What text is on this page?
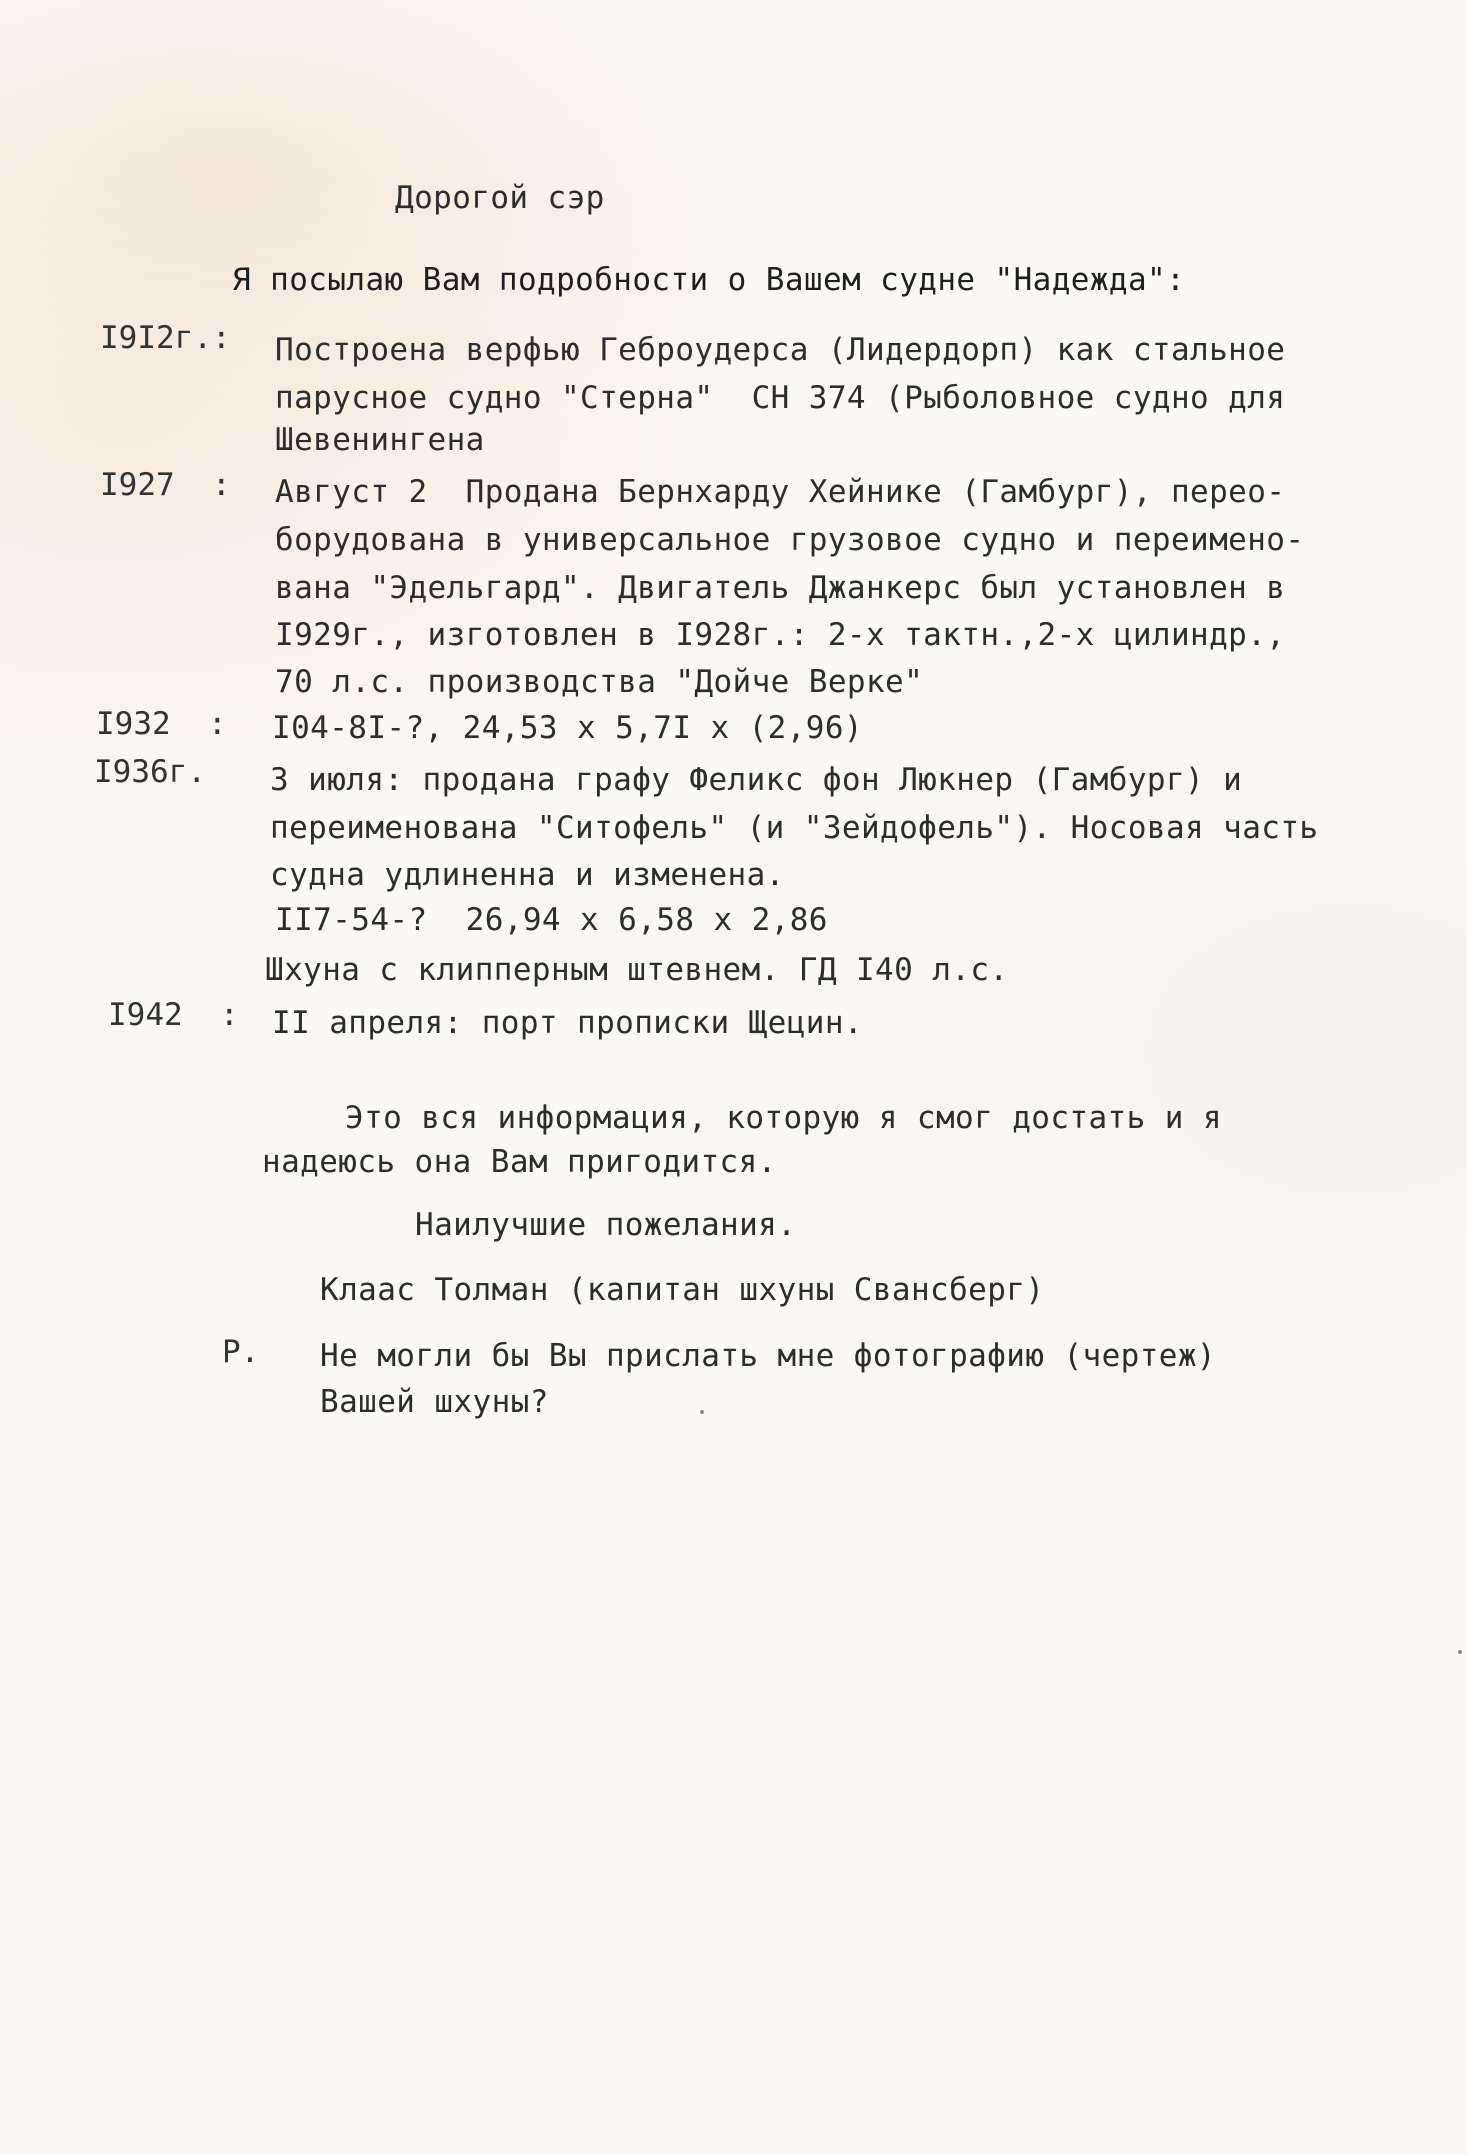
Дорогой сэр
Я посылаю Вам подробности о Вашем судне "Надежда":
I9I2г.: Построена верфью Геброудерса (Лидердорп) как стальное
парусное судно "Стерна"  СН 374 (Рыболовное судно для
Шевенингена
I927  : Август 2  Продана Бернхарду Хейнике (Гамбург), перео-
борудована в универсальное грузовое судно и переимено-
вана "Эдельгард". Двигатель Джанкерс был установлен в
I929г., изготовлен в I928г.: 2-х тактн.,2-х цилиндр.,
70 л.с. производства "Дойче Верке"
I932  : I04-8I-?, 24,53 x 5,7I x (2,96)
I936г. 3 июля: продана графу Феликс фон Люкнер (Гамбург) и
переименована "Ситофель" (и "Зейдофель"). Носовая часть
судна удлиненна и изменена.
II7-54-?  26,94 x 6,58 x 2,86
Шхуна с клипперным штевнем. ГД I40 л.с.
I942  : II апреля: порт прописки Щецин.
Это вся информация, которую я смог достать и я
надеюсь она Вам пригодится.
Наилучшие пожелания.
Клаас Толман (капитан шхуны Свансберг)
P. Не могли бы Вы прислать мне фотографию (чертеж)
Вашей шхуны?
